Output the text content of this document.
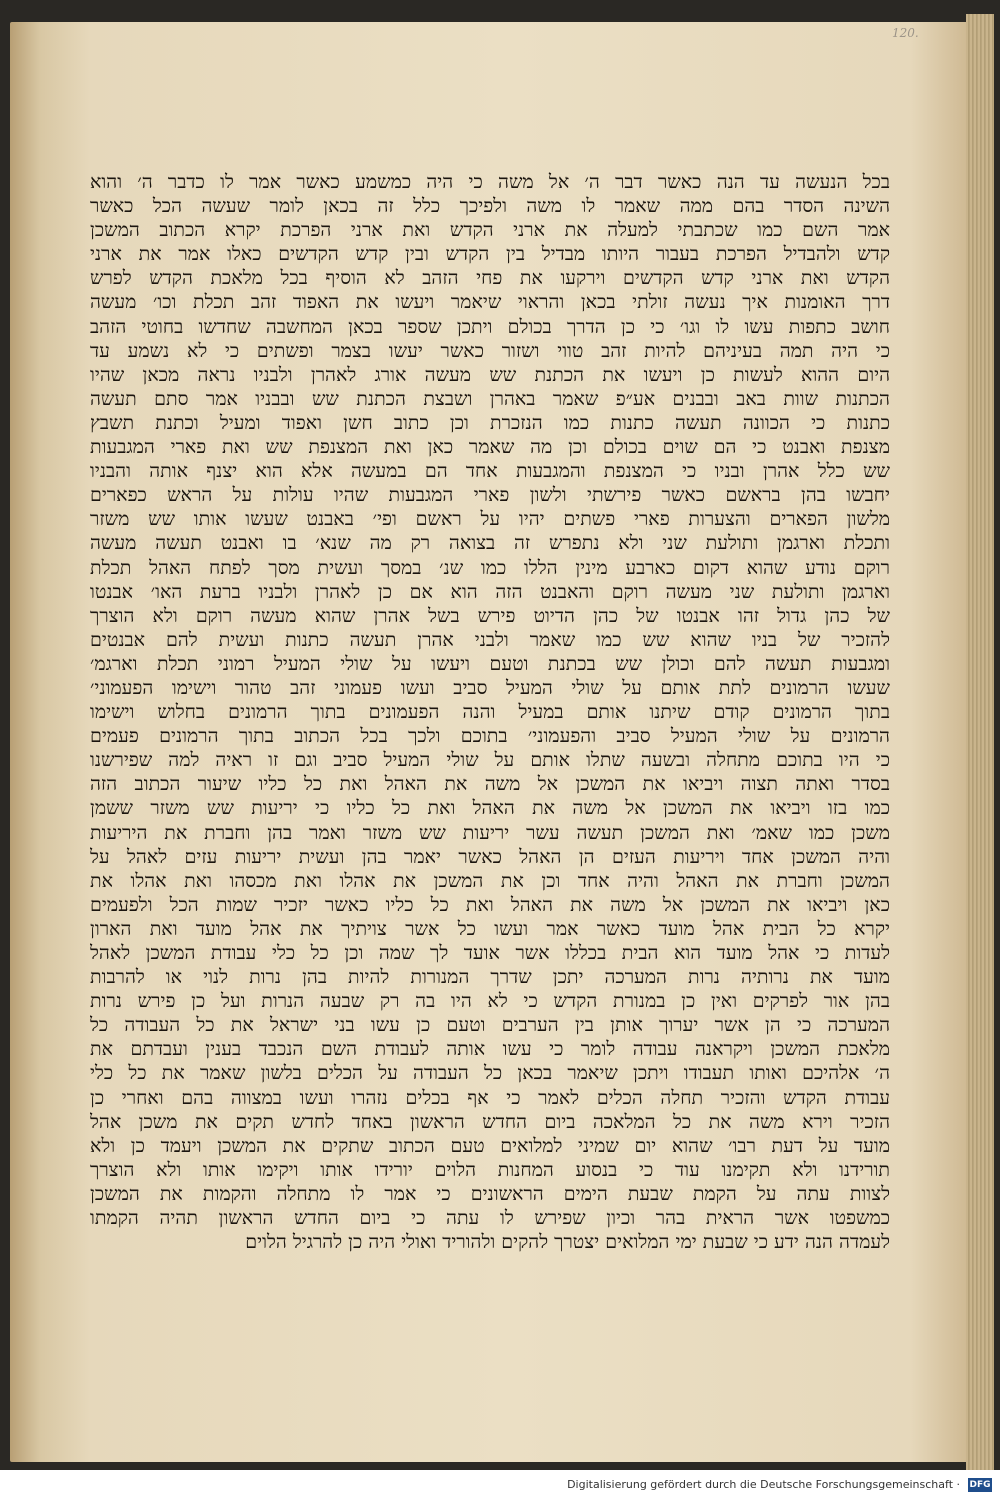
120.
בכל הנעשה עד הנה כאשר דבר ה׳ אל משה כי היה כמשמע כאשר אמר לו כדבר ה׳ והוא
השינה הסדר בהם ממה שאמר לו משה ולפיכך כלל זה בכאן לומר שעשה הכל כאשר
אמר השם כמו שכתבתי למעלה את ארני הקדש ואת ארני הפרכת יקרא הכתוב המשכן
קדש ולהבדיל הפרכת בעבור היותו מבדיל בין הקדש ובין קדש הקדשים כאלו אמר את ארני
הקדש ואת ארני קדש הקדשים וירקעו את פחי הזהב לא הוסיף בכל מלאכת הקדש לפרש
דרך האומנות איך נעשה זולתי בכאן והראוי שיאמר ויעשו את האפוד זהב תכלת וכו׳ מעשה
חושב כתפות עשו לו וגו׳ כי כן הדרך בכולם ויתכן שספר בכאן המחשבה שחדשו בחוטי הזהב
כי היה תמה בעיניהם להיות זהב טווי ושזור כאשר יעשו בצמר ופשתים כי לא נשמע עד
היום ההוא לעשות כן ויעשו את הכתנת שש מעשה אורג לאהרן ולבניו נראה מכאן שהיו
הכתנות שוות באב ובבנים אע״פ שאמר באהרן ושבצת הכתנת שש ובבניו אמר סתם תעשה
כתנות כי הכוונה תעשה כתנות כמו הנזכרת וכן כתוב חשן ואפוד ומעיל וכתנת תשבץ
מצנפת ואבנט כי הם שוים בכולם וכן מה שאמר כאן ואת המצנפת שש ואת פארי המגבעות
שש כלל אהרן ובניו כי המצנפת והמגבעות אחד הם במעשה אלא הוא יצנף אותה והבניו
יחבשו בהן בראשם כאשר פירשתי ולשון פארי המגבעות שהיו עולות על הראש כפארים
מלשון הפארים והצערות פארי פשתים יהיו על ראשם ופי׳ באבנט שעשו אותו שש משזר
ותכלת וארגמן ותולעת שני ולא נתפרש זה בצואה רק מה שנא׳ בו ואבנט תעשה מעשה
רוקם נודע שהוא דקום כארבע מינין הללו כמו שנ׳ במסך ועשית מסך לפתח האהל תכלת
וארגמן ותולעת שני מעשה רוקם והאבנט הזה הוא אם כן לאהרן ולבניו ברעת האו׳ אבנטו
של כהן גדול זהו אבנטו של כהן הדיוט פירש בשל אהרן שהוא מעשה רוקם ולא הוצרך
להזכיר של בניו שהוא שש כמו שאמר ולבני אהרן תעשה כתנות ועשית להם אבנטים
ומגבעות תעשה להם וכולן שש בכתנת וטעם ויעשו על שולי המעיל רמוני תכלת וארגמ׳
שעשו הרמונים לתת אותם על שולי המעיל סביב ועשו פעמוני זהב טהור וישימו הפעמוני׳
בתוך הרמונים קודם שיתנו אותם במעיל והנה הפעמונים בתוך הרמונים בחלוש וישימו
הרמונים על שולי המעיל סביב והפעמוני׳ בתוכם ולכך בכל הכתוב בתוך הרמונים פעמים
כי היו בתוכם מתחלה ובשעה שתלו אותם על שולי המעיל סביב וגם זו ראיה למה שפירשנו
בסדר ואתה תצוה ויביאו את המשכן אל משה את האהל ואת כל כליו שיעור הכתוב הזה
כמו בזו ויביאו את המשכן אל משה את האהל ואת כל כליו כי יריעות שש משזר ששמן
משכן כמו שאמ׳ ואת המשכן תעשה עשר יריעות שש משזר ואמר בהן וחברת את היריעות
והיה המשכן אחד ויריעות העזים הן האהל כאשר יאמר בהן ועשית יריעות עזים לאהל על
המשכן וחברת את האהל והיה אחד וכן את המשכן את אהלו ואת מכסהו ואת אהלו את
כאן ויביאו את המשכן אל משה את האהל ואת כל כליו כאשר יזכיר שמות הכל ולפעמים
יקרא כל הבית אהל מועד כאשר אמר ועשו כל אשר צויתיך את אהל מועד ואת הארון
לעדות כי אהל מועד הוא הבית בכללו אשר אועד לך שמה וכן כל כלי עבודת המשכן לאהל
מועד את נרותיה נרות המערכה יתכן שדרך המנורות להיות בהן נרות לנוי או להרבות
בהן אור לפרקים ואין כן במנורת הקדש כי לא היו בה רק שבעה הנרות ועל כן פירש נרות
המערכה כי הן אשר יערוך אותן בין הערבים וטעם כן עשו בני ישראל את כל העבודה כל
מלאכת המשכן ויקראנה עבודה לומר כי עשו אותה לעבודת השם הנכבד בענין ועבדתם את
ה׳ אלהיכם ואותו תעבודו ויתכן שיאמר בכאן כל העבודה על הכלים בלשון שאמר את כל כלי
עבודת הקדש והזכיר תחלה הכלים לאמר כי אף בכלים נזהרו ועשו במצווה בהם ואחרי כן
הזכיר וירא משה את כל המלאכה ביום החדש הראשון באחד לחדש תקים את משכן אהל
מועד על דעת רבו׳ שהוא יום שמיני למלואים טעם הכתוב שתקים את המשכן ויעמד כן ולא
תורידנו ולא תקימנו עוד כי בנסוע המחנות הלוים יורידו אותו ויקימו אותו ולא הוצרך
לצוות עתה על הקמת שבעת הימים הראשונים כי אמר לו מתחלה והקמות את המשכן
כמשפטו אשר הראית בהר וכיון שפירש לו עתה כי ביום החדש הראשון תהיה הקמתו
לעמדה הנה ידע כי שבעת ימי המלואים יצטרך להקים ולהוריד ואולי היה כן להרגיל הלוים
Digitalisierung gefördert durch die Deutsche Forschungsgemeinschaft · DFG
